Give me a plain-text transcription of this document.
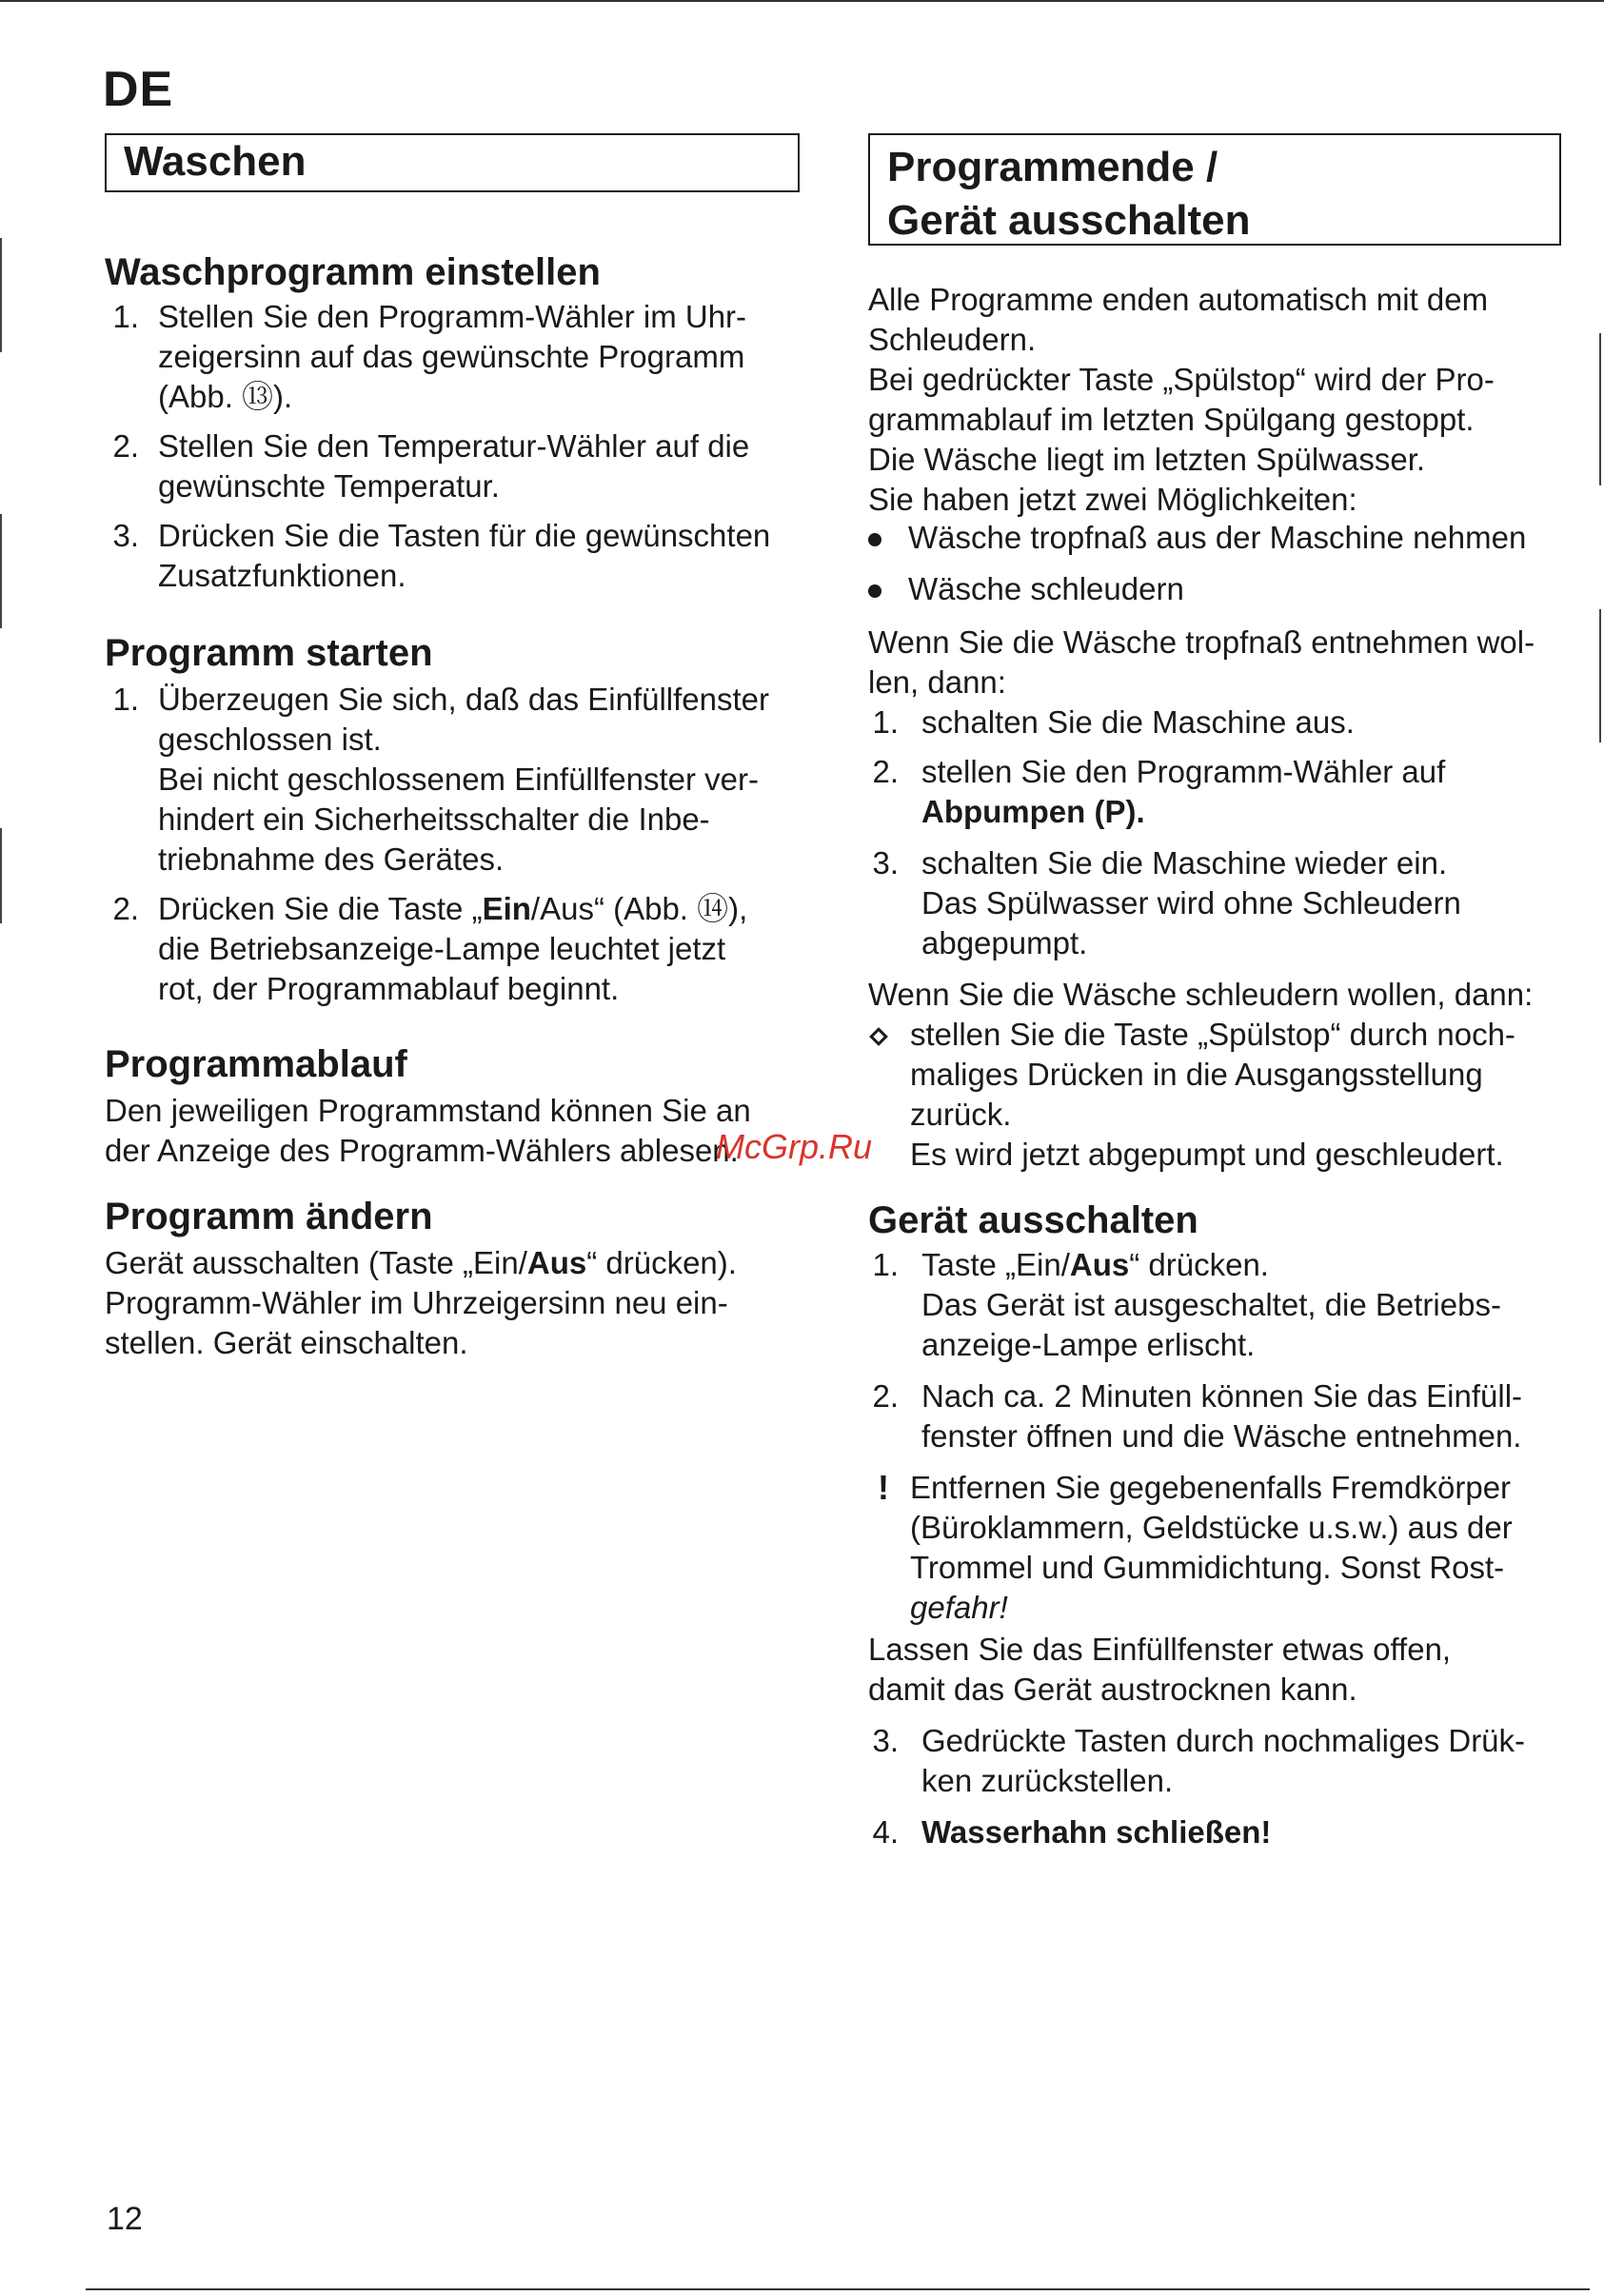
DE
Waschen
Waschprogramm einstellen
1. Stellen Sie den Programm-Wähler im Uhr-
zeigersinn auf das gewünschte Programm
(Abb. ⑬).
2. Stellen Sie den Temperatur-Wähler auf die
gewünschte Temperatur.
3. Drücken Sie die Tasten für die gewünschten
Zusatzfunktionen.
Programm starten
1. Überzeugen Sie sich, daß das Einfüllfenster
geschlossen ist.
Bei nicht geschlossenem Einfüllfenster ver-
hindert ein Sicherheitsschalter die Inbe-
triebnahme des Gerätes.
2. Drücken Sie die Taste „Ein/Aus“ (Abb. ⑭),
die Betriebsanzeige-Lampe leuchtet jetzt
rot, der Programmablauf beginnt.
Programmablauf
Den jeweiligen Programmstand können Sie an
der Anzeige des Programm-Wählers ablesen.
Programm ändern
Gerät ausschalten (Taste „Ein/Aus“ drücken).
Programm-Wähler im Uhrzeigersinn neu ein-
stellen. Gerät einschalten.
Programmende /
Gerät ausschalten
Alle Programme enden automatisch mit dem
Schleudern.
Bei gedrückter Taste „Spülstop“ wird der Pro-
grammablauf im letzten Spülgang gestoppt.
Die Wäsche liegt im letzten Spülwasser.
Sie haben jetzt zwei Möglichkeiten:
Wäsche tropfnaß aus der Maschine nehmen
Wäsche schleudern
Wenn Sie die Wäsche tropfnaß entnehmen wol-
len, dann:
1. schalten Sie die Maschine aus.
2. stellen Sie den Programm-Wähler auf
Abpumpen (P).
3. schalten Sie die Maschine wieder ein.
Das Spülwasser wird ohne Schleudern
abgepumpt.
Wenn Sie die Wäsche schleudern wollen, dann:
stellen Sie die Taste „Spülstop“ durch noch-
maliges Drücken in die Ausgangsstellung
zurück.
Es wird jetzt abgepumpt und geschleudert.
McGrp.Ru
Gerät ausschalten
1. Taste „Ein/Aus“ drücken.
Das Gerät ist ausgeschaltet, die Betriebs-
anzeige-Lampe erlischt.
2. Nach ca. 2 Minuten können Sie das Einfüll-
fenster öffnen und die Wäsche entnehmen.
! Entfernen Sie gegebenenfalls Fremdkörper
(Büroklammern, Geldstücke u.s.w.) aus der
Trommel und Gummidichtung. Sonst Rost-
gefahr!
Lassen Sie das Einfüllfenster etwas offen,
damit das Gerät austrocknen kann.
3. Gedrückte Tasten durch nochmaliges Drük-
ken zurückstellen.
4. Wasserhahn schließen!
12
